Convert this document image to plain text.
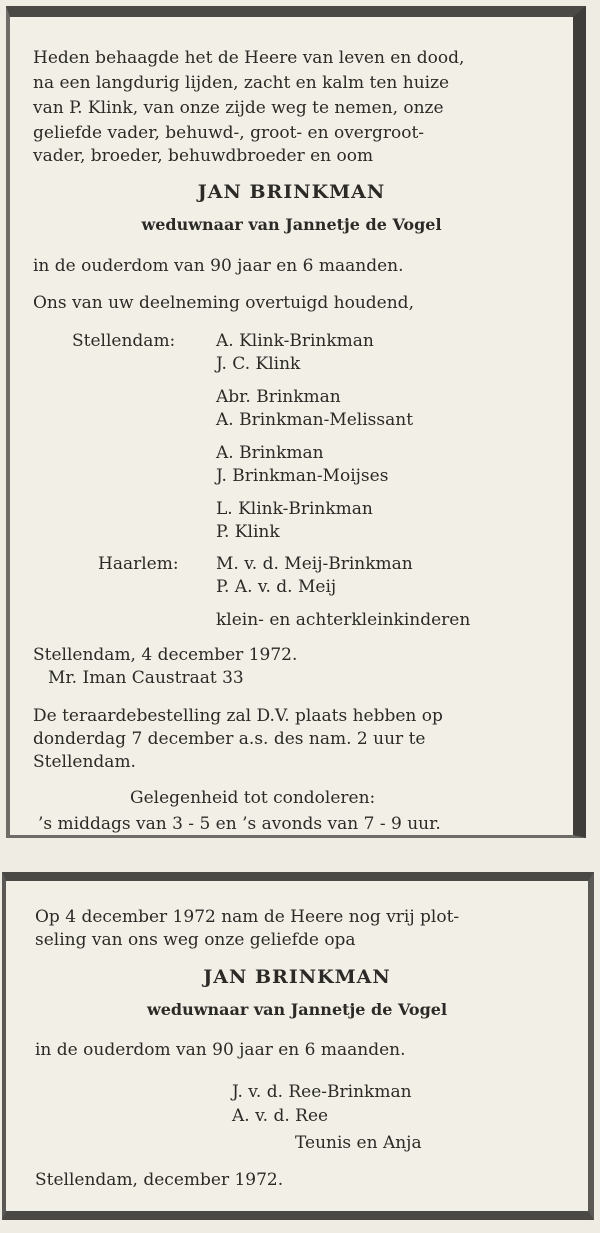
Heden behaagde het de Heere van leven en dood,

na een langdurig lijden, zacht en kalm ten huize

van P. Klink, van onze zijde weg te nemen, onze

geliefde vader, behuwd-, groot- en overgroot-

vader, broeder, behuwdbroeder en oom

JAN BRINKMAN

weduwnaar van Jannetje de Vogel

in de ouderdom van 90 jaar en 6 maanden.

Ons van uw deelneming overtuigd houdend,

Stellendam: A. Klink-Brinkman

J. C. Klink

Abr. Brinkman

A. Brinkman-Melissant

A. Brinkman

J. Brinkman-Moijses

L. Klink-Brinkman

P. Klink

Haarlem: M. v. d. Meij-Brinkman

P. A. v. d. Meij

klein- en achterkleinkinderen

Stellendam, 4 december 1972.

Mr. Iman Caustraat 33

De teraardebestelling zal D.V. plaats hebben op

donderdag 7 december a.s. des nam. 2 uur te

Stellendam.

Gelegenheid tot condoleren:

’s middags van 3 - 5 en ’s avonds van 7 - 9 uur.

Op 4 december 1972 nam de Heere nog vrij plot-

seling van ons weg onze geliefde opa

JAN BRINKMAN

weduwnaar van Jannetje de Vogel

in de ouderdom van 90 jaar en 6 maanden.

J. v. d. Ree-Brinkman

A. v. d. Ree

Teunis en Anja

Stellendam, december 1972.
